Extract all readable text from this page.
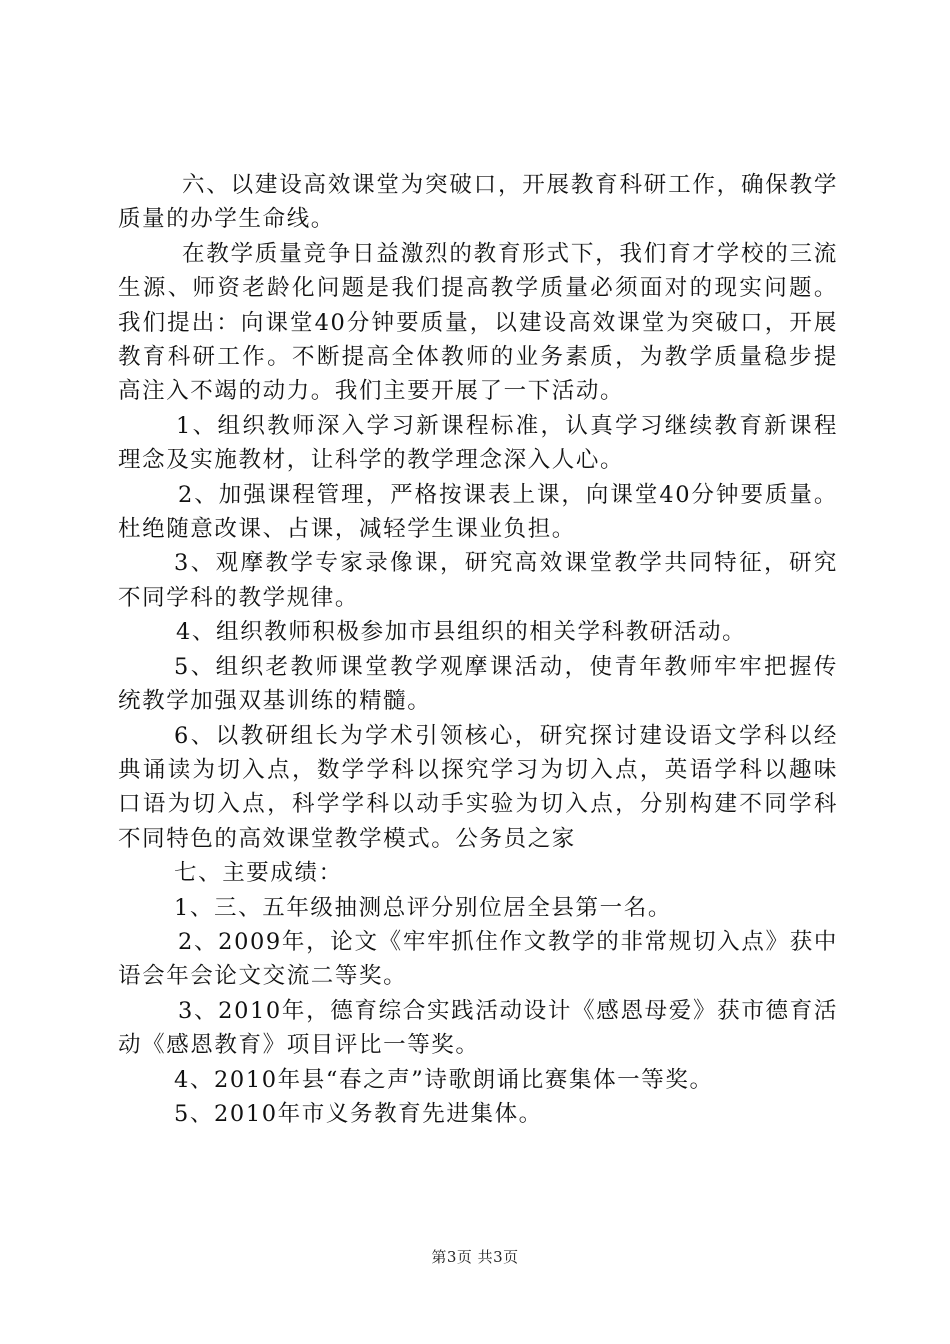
六、以建设高效课堂为突破口，开展教育科研工作，确保教学质量的办学生命线。

在教学质量竞争日益激烈的教育形式下，我们育才学校的三流生源、师资老龄化问题是我们提高教学质量必须面对的现实问题。我们提出：向课堂40分钟要质量，以建设高效课堂为突破口，开展教育科研工作。不断提高全体教师的业务素质，为教学质量稳步提高注入不竭的动力。我们主要开展了一下活动。

1、组织教师深入学习新课程标准，认真学习继续教育新课程理念及实施教材，让科学的教学理念深入人心。

2、加强课程管理，严格按课表上课，向课堂40分钟要质量。杜绝随意改课、占课，减轻学生课业负担。

3、观摩教学专家录像课，研究高效课堂教学共同特征，研究不同学科的教学规律。

4、组织教师积极参加市县组织的相关学科教研活动。

5、组织老教师课堂教学观摩课活动，使青年教师牢牢把握传统教学加强双基训练的精髓。

6、以教研组长为学术引领核心，研究探讨建设语文学科以经典诵读为切入点，数学学科以探究学习为切入点，英语学科以趣味口语为切入点，科学学科以动手实验为切入点，分别构建不同学科不同特色的高效课堂教学模式。公务员之家

七、主要成绩：

1、三、五年级抽测总评分别位居全县第一名。

2、2009年，论文《牢牢抓住作文教学的非常规切入点》获中语会年会论文交流二等奖。

3、2010年，德育综合实践活动设计《感恩母爱》获市德育活动《感恩教育》项目评比一等奖。

4、2010年县“春之声”诗歌朗诵比赛集体一等奖。

5、2010年市义务教育先进集体。

第3页 共3页
